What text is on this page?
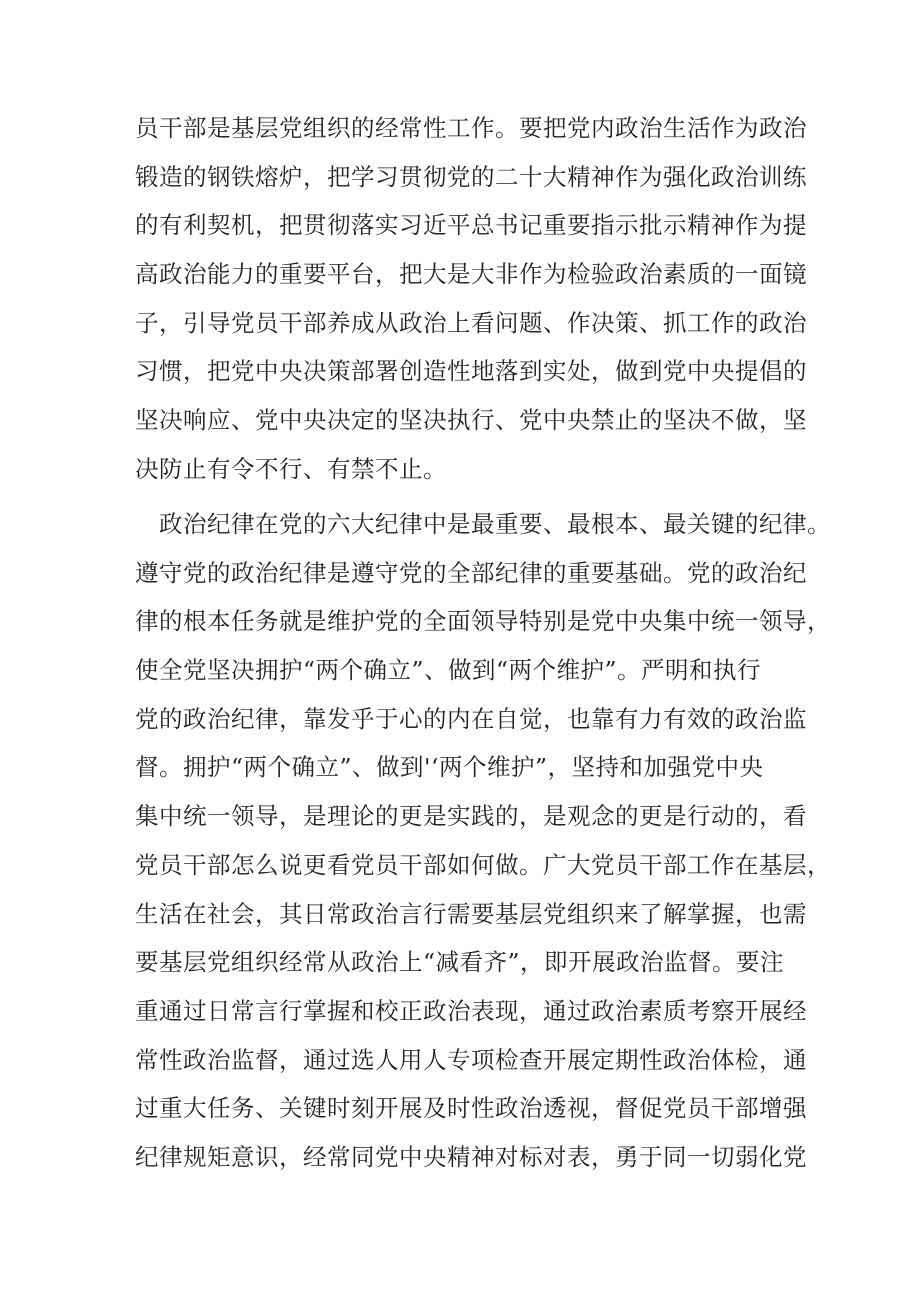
员干部是基层党组织的经常性工作。要把党内政治生活作为政治
锻造的钢铁熔炉，把学习贯彻党的二十大精神作为强化政治训练
的有利契机，把贯彻落实习近平总书记重要指示批示精神作为提
高政治能力的重要平台，把大是大非作为检验政治素质的一面镜
子，引导党员干部养成从政治上看问题、作决策、抓工作的政治
习惯，把党中央决策部署创造性地落到实处，做到党中央提倡的
坚决响应、党中央决定的坚决执行、党中央禁止的坚决不做，坚
决防止有令不行、有禁不止。
政治纪律在党的六大纪律中是最重要、最根本、最关键的纪律。
遵守党的政治纪律是遵守党的全部纪律的重要基础。党的政治纪
律的根本任务就是维护党的全面领导特别是党中央集中统一领导，
使全党坚决拥护“两个确立”、做到“两个维护”。严明和执行
党的政治纪律，靠发乎于心的内在自觉，也靠有力有效的政治监
督。拥护“两个确立”、做到'‘两个维护”，坚持和加强党中央
集中统一领导，是理论的更是实践的，是观念的更是行动的，看
党员干部怎么说更看党员干部如何做。广大党员干部工作在基层，
生活在社会，其日常政治言行需要基层党组织来了解掌握，也需
要基层党组织经常从政治上“减看齐”，即开展政治监督。要注
重通过日常言行掌握和校正政治表现，通过政治素质考察开展经
常性政治监督，通过选人用人专项检查开展定期性政治体检，通
过重大任务、关键时刻开展及时性政治透视，督促党员干部增强
纪律规矩意识，经常同党中央精神对标对表，勇于同一切弱化党
